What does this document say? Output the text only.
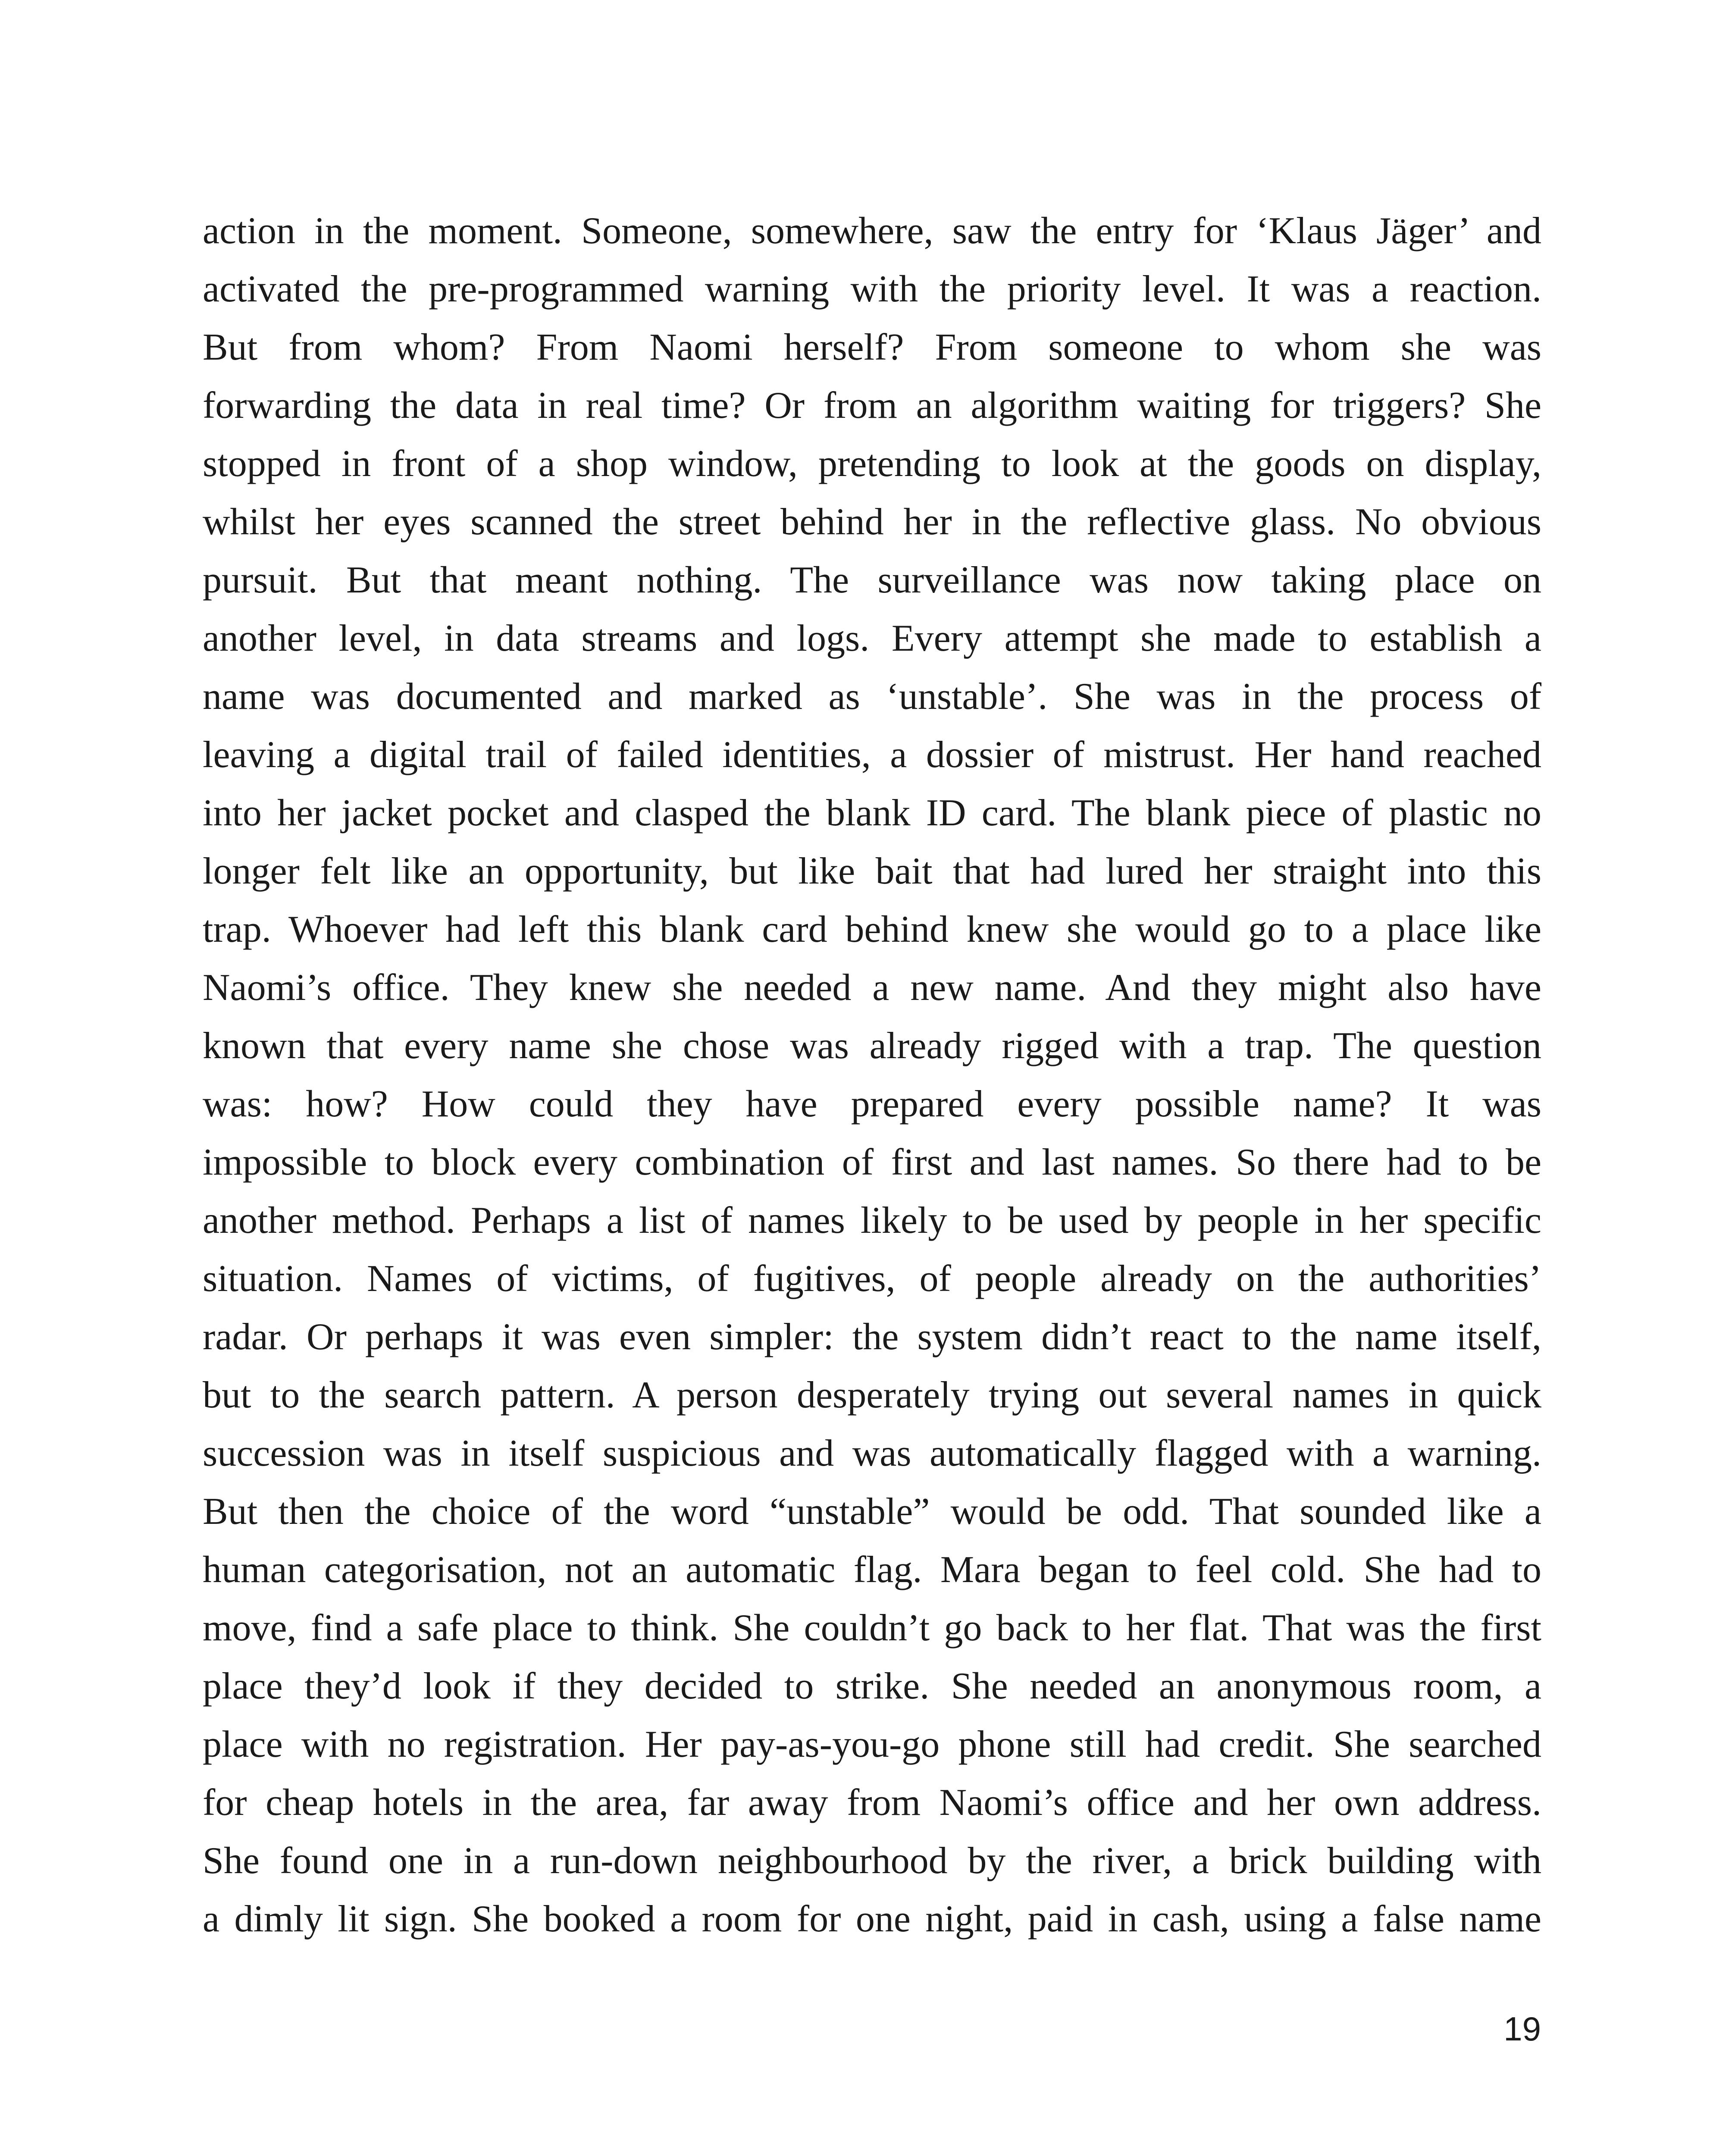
action in the moment. Someone, somewhere, saw the entry for ‘Klaus Jäger’ and
activated the pre-programmed warning with the priority level. It was a reaction.
But from whom? From Naomi herself? From someone to whom she was
forwarding the data in real time? Or from an algorithm waiting for triggers? She
stopped in front of a shop window, pretending to look at the goods on display,
whilst her eyes scanned the street behind her in the reflective glass. No obvious
pursuit. But that meant nothing. The surveillance was now taking place on
another level, in data streams and logs. Every attempt she made to establish a
name was documented and marked as ‘unstable’. She was in the process of
leaving a digital trail of failed identities, a dossier of mistrust. Her hand reached
into her jacket pocket and clasped the blank ID card. The blank piece of plastic no
longer felt like an opportunity, but like bait that had lured her straight into this
trap. Whoever had left this blank card behind knew she would go to a place like
Naomi’s office. They knew she needed a new name. And they might also have
known that every name she chose was already rigged with a trap. The question
was: how? How could they have prepared every possible name? It was
impossible to block every combination of first and last names. So there had to be
another method. Perhaps a list of names likely to be used by people in her specific
situation. Names of victims, of fugitives, of people already on the authorities’
radar. Or perhaps it was even simpler: the system didn’t react to the name itself,
but to the search pattern. A person desperately trying out several names in quick
succession was in itself suspicious and was automatically flagged with a warning.
But then the choice of the word “unstable” would be odd. That sounded like a
human categorisation, not an automatic flag. Mara began to feel cold. She had to
move, find a safe place to think. She couldn’t go back to her flat. That was the first
place they’d look if they decided to strike. She needed an anonymous room, a
place with no registration. Her pay-as-you-go phone still had credit. She searched
for cheap hotels in the area, far away from Naomi’s office and her own address.
She found one in a run-down neighbourhood by the river, a brick building with
a dimly lit sign. She booked a room for one night, paid in cash, using a false name
19
